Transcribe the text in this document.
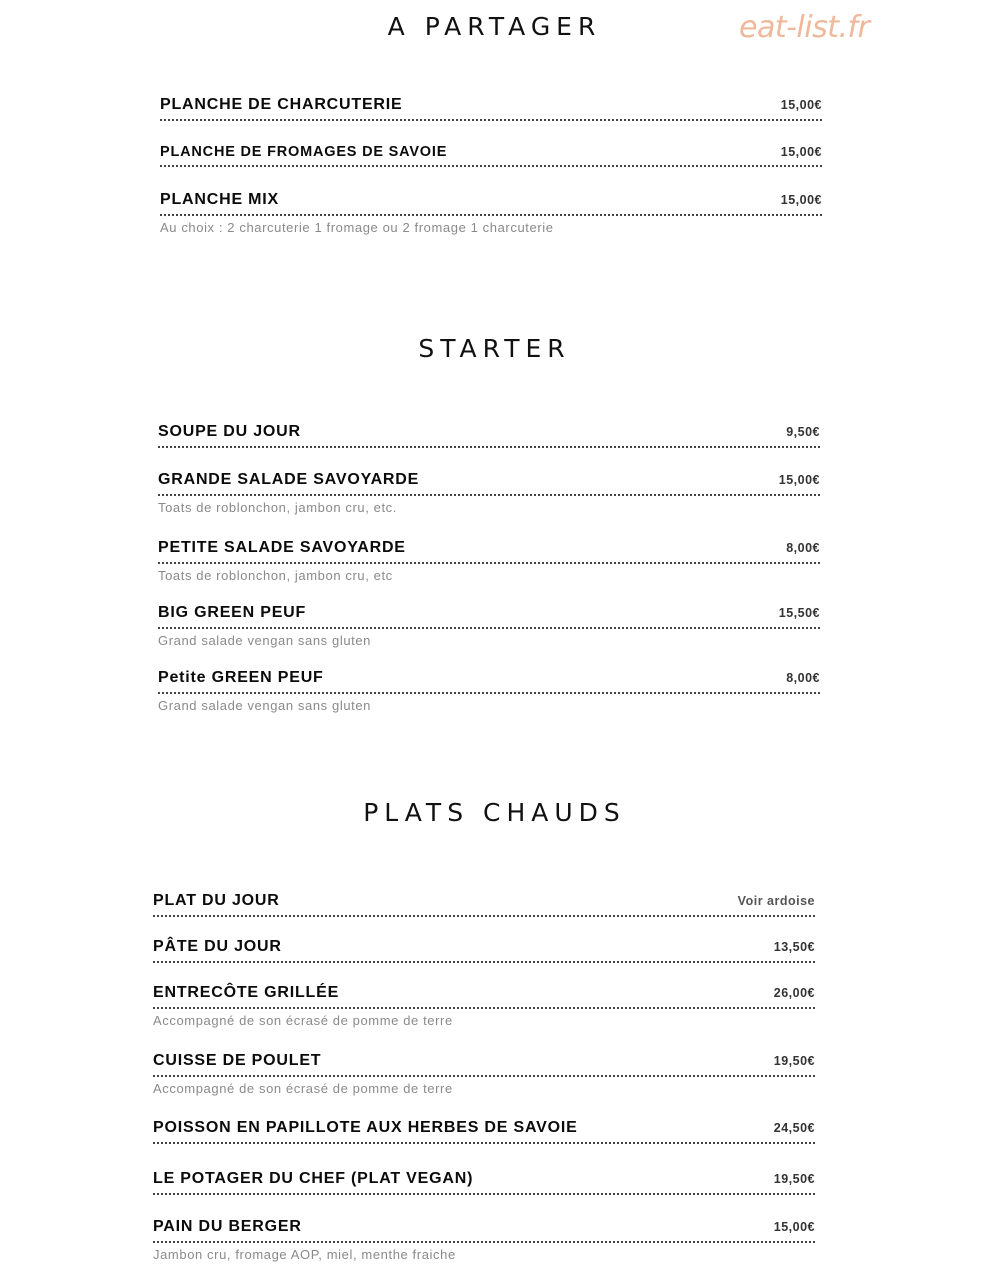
eat-list.fr
A PARTAGER
PLANCHE DE CHARCUTERIE	15,00€
PLANCHE DE FROMAGES DE SAVOIE	15,00€
PLANCHE MIX	15,00€
Au choix : 2 charcuterie 1 fromage ou 2 fromage 1 charcuterie
STARTER
SOUPE DU JOUR	9,50€
GRANDE SALADE SAVOYARDE	15,00€
Toats de roblonchon, jambon cru, etc.
PETITE SALADE SAVOYARDE	8,00€
Toats de roblonchon, jambon cru, etc
BIG GREEN PEUF	15,50€
Grand salade vengan sans gluten
Petite GREEN PEUF	8,00€
Grand salade vengan sans gluten
PLATS CHAUDS
PLAT DU JOUR	Voir ardoise
PÂTE DU JOUR	13,50€
ENTRECÔTE GRILLÉE	26,00€
Accompagné de son écrasé de pomme de terre
CUISSE DE POULET	19,50€
Accompagné de son écrasé de pomme de terre
POISSON EN PAPILLOTE AUX HERBES DE SAVOIE	24,50€
LE POTAGER DU CHEF (PLAT VEGAN)	19,50€
PAIN DU BERGER	15,00€
Jambon cru, fromage AOP, miel, menthe fraiche
